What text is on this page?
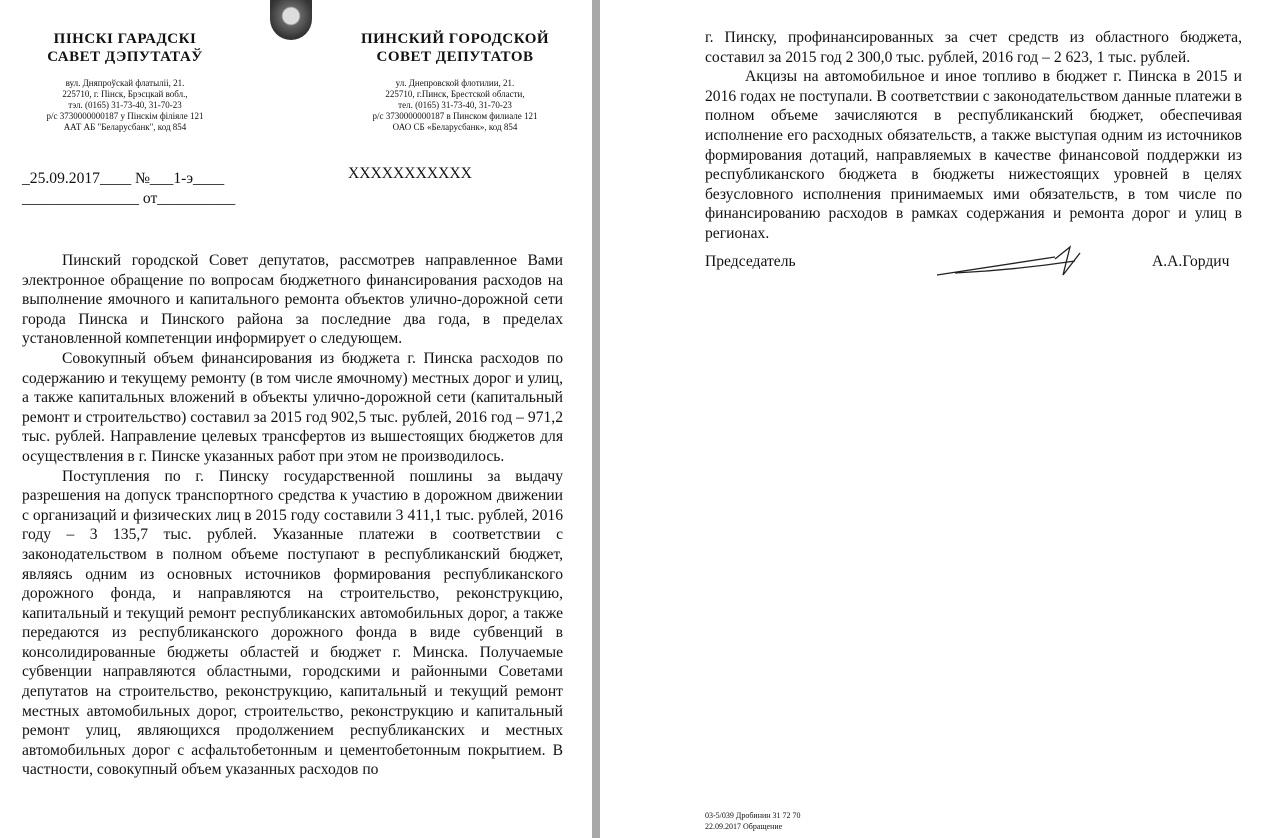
ПІНСКІ ГАРАДСКІ
САВЕТ ДЭПУТАТАЎ
вул. Дняпроўскай флатыліі, 21.
225710, г. Пінск, Брэсцкай вобл.,
тэл. (0165) 31-73-40, 31-70-23
р/с 3730000000187 у Пінскім філіяле 121
ААТ АБ "Беларусбанк", код 854
ПИНСКИЙ ГОРОДСКОЙ
СОВЕТ ДЕПУТАТОВ
ул. Днепровской флотилии, 21.
225710, г.Пинск, Брестской области,
тел. (0165) 31-73-40, 31-70-23
р/с 3730000000187 в Пинском филиале 121
ОАО СБ «Беларусбанк», код 854
_25.09.2017____ №___1-э____
_______________ от__________
XXXXXXXXXXX

Пинский городской Совет депутатов, рассмотрев направленное Вами электронное обращение по вопросам бюджетного финансирования расходов на выполнение ямочного и капитального ремонта объектов улично-дорожной сети города Пинска и Пинского района за последние два года, в пределах установленной компетенции информирует о следующем.

Совокупный объем финансирования из бюджета г. Пинска расходов по содержанию и текущему ремонту (в том числе ямочному) местных дорог и улиц, а также капитальных вложений в объекты улично-дорожной сети (капитальный ремонт и строительство) составил за 2015 год 902,5 тыс. рублей, 2016 год – 971,2 тыс. рублей. Направление целевых трансфертов из вышестоящих бюджетов для осуществления в г. Пинске указанных работ при этом не производилось.

Поступления по г. Пинску государственной пошлины за выдачу разрешения на допуск транспортного средства к участию в дорожном движении с организаций и физических лиц в 2015 году составили 3 411,1 тыс. рублей, 2016 году – 3 135,7 тыс. рублей. Указанные платежи в соответствии с законодательством в полном объеме поступают в республиканский бюджет, являясь одним из основных источников формирования республиканского дорожного фонда, и направляются на строительство, реконструкцию, капитальный и текущий ремонт республиканских автомобильных дорог, а также передаются из республиканского дорожного фонда в виде субвенций в консолидированные бюджеты областей и бюджет г. Минска. Получаемые субвенции направляются областными, городскими и районными Советами депутатов на строительство, реконструкцию, капитальный и текущий ремонт местных автомобильных дорог, строительство, реконструкцию и капитальный ремонт улиц, являющихся продолжением республиканских и местных автомобильных дорог с асфальтобетонным и цементобетонным покрытием. В частности, совокупный объем указанных расходов по

г. Пинску, профинансированных за счет средств из областного бюджета, составил за 2015 год 2 300,0 тыс. рублей, 2016 год – 2 623, 1 тыс. рублей.

Акцизы на автомобильное и иное топливо в бюджет г. Пинска в 2015 и 2016 годах не поступали. В соответствии с законодательством данные платежи в полном объеме зачисляются в республиканский бюджет, обеспечивая исполнение его расходных обязательств, а также выступая одним из источников формирования дотаций, направляемых в качестве финансовой поддержки из республиканского бюджета в бюджеты нижестоящих уровней в целях безусловного исполнения принимаемых ими обязательств, в том числе по финансированию расходов в рамках содержания и ремонта дорог и улиц в регионах.

Председатель	А.А.Гордич
03-5/039 Дробинин 31 72 70
22.09.2017 Обращение
